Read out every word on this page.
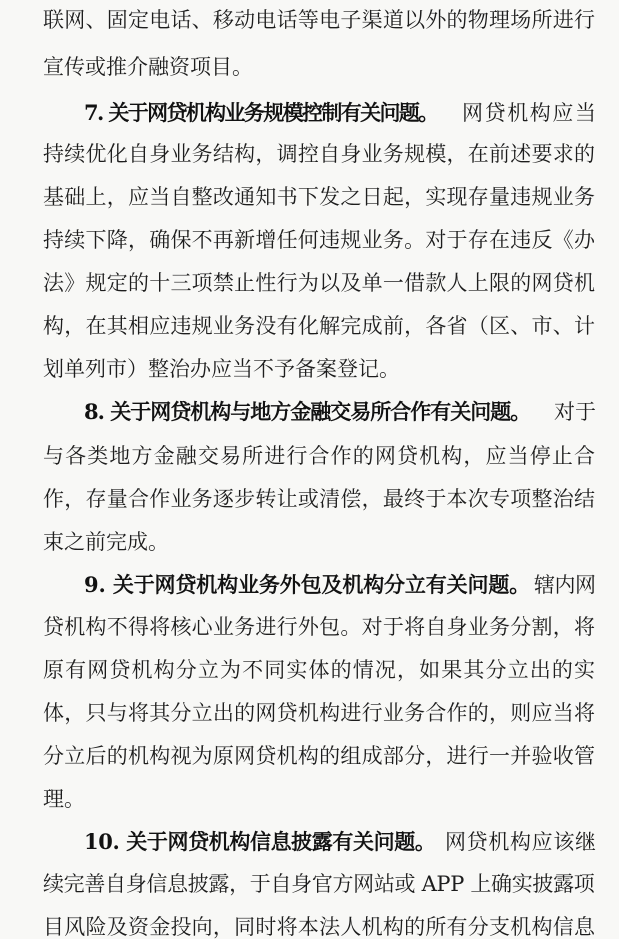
联网、固定电话、移动电话等电子渠道以外的物理场所进行
宣传或推介融资项目。
7. 关于网贷机构业务规模控制有关问题。 网贷机构应当
持续优化自身业务结构，调控自身业务规模，在前述要求的
基础上，应当自整改通知书下发之日起，实现存量违规业务
持续下降，确保不再新增任何违规业务。对于存在违反《办
法》规定的十三项禁止性行为以及单一借款人上限的网贷机
构，在其相应违规业务没有化解完成前，各省（区、市、计
划单列市）整治办应当不予备案登记。
8. 关于网贷机构与地方金融交易所合作有关问题。 对于
与各类地方金融交易所进行合作的网贷机构，应当停止合
作，存量合作业务逐步转让或清偿，最终于本次专项整治结
束之前完成。
9. 关于网贷机构业务外包及机构分立有关问题。 辖内网
贷机构不得将核心业务进行外包。对于将自身业务分割，将
原有网贷机构分立为不同实体的情况，如果其分立出的实
体，只与将其分立出的网贷机构进行业务合作的，则应当将
分立后的机构视为原网贷机构的组成部分，进行一并验收管
理。
10. 关于网贷机构信息披露有关问题。 网贷机构应该继
续完善自身信息披露，于自身官方网站或 APP 上确实披露项
目风险及资金投向，同时将本法人机构的所有分支机构信息
